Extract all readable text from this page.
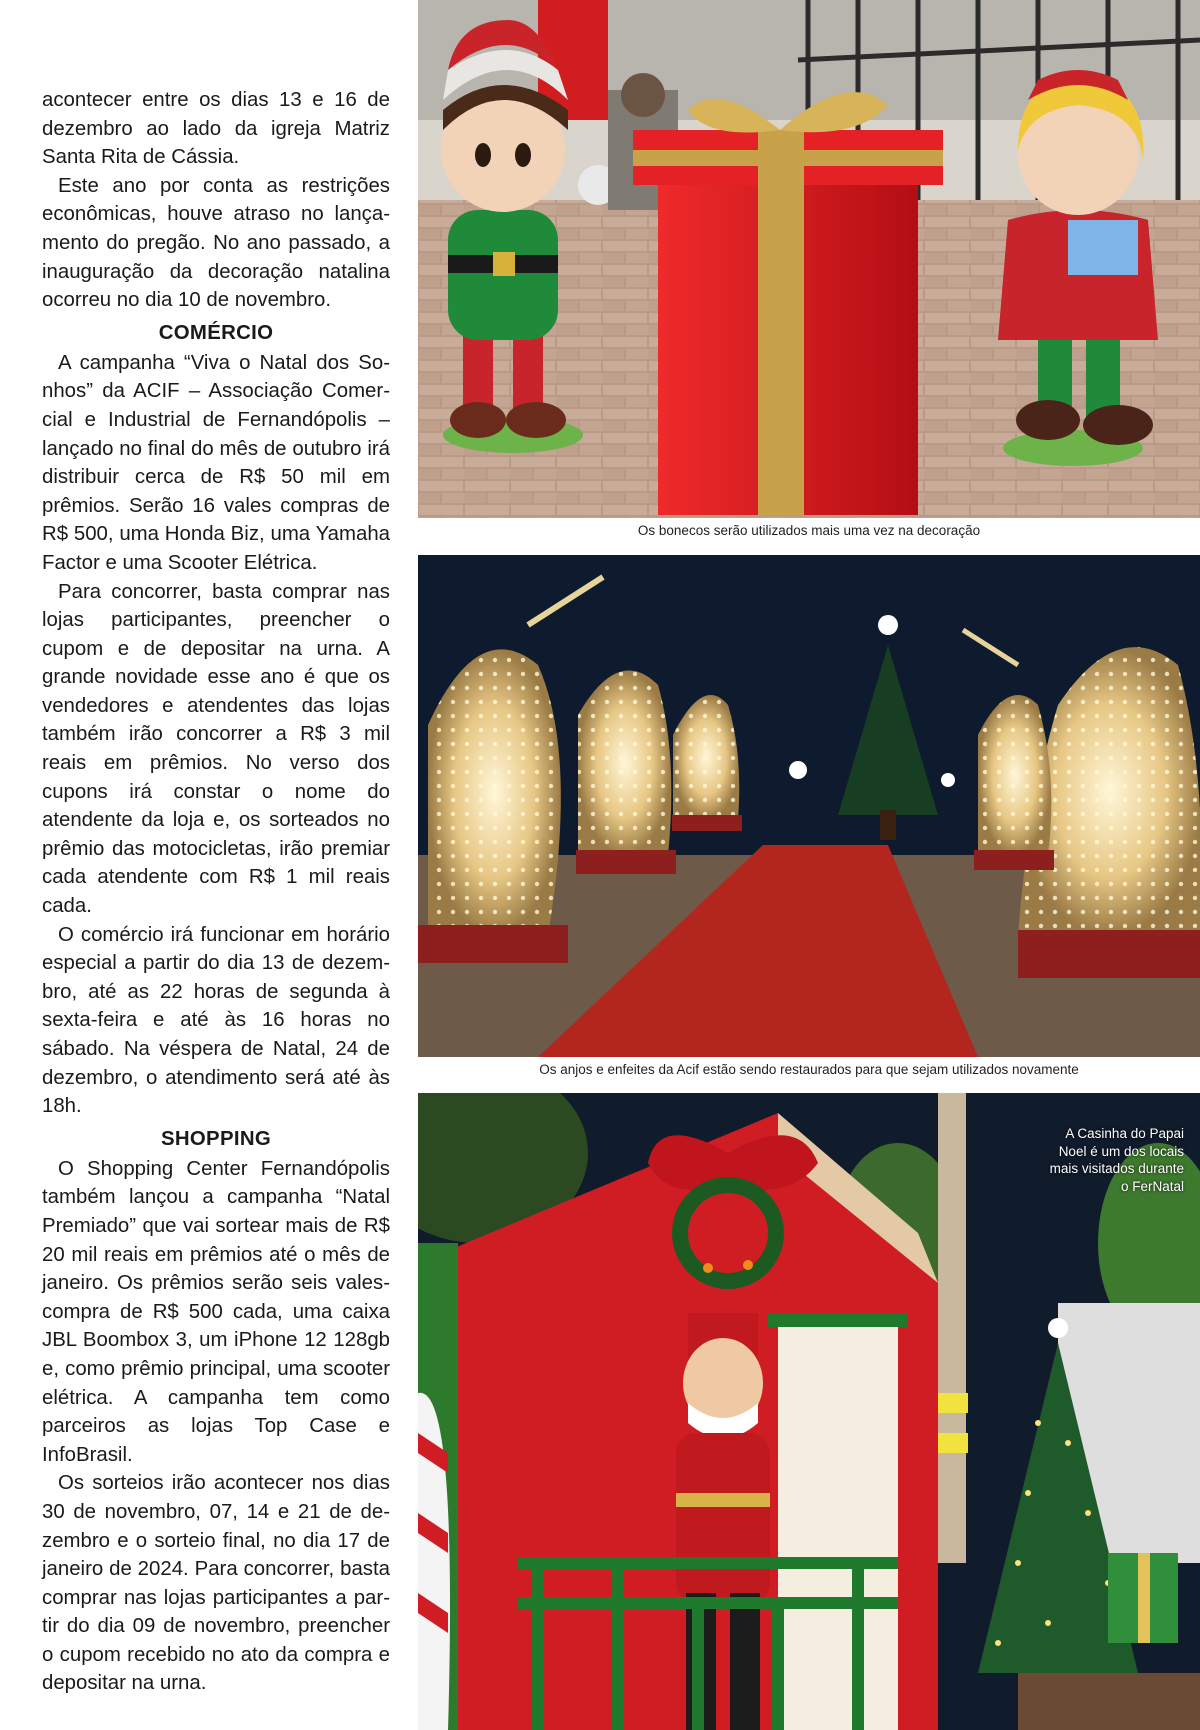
acontecer entre os dias 13 e 16 de dezembro ao lado da igreja Matriz Santa Rita de Cássia.

Este ano por conta as restrições econômicas, houve atraso no lançamento do pregão. No ano passado, a inauguração da decoração natalina ocorreu no dia 10 de novembro.

COMÉRCIO

A campanha “Viva o Natal dos Sonhos” da ACIF – Associação Comercial e Industrial de Fernandópolis – lançado no final do mês de outubro irá distribuir cerca de R$ 50 mil em prêmios. Serão 16 vales compras de R$ 500, uma Honda Biz, uma Yamaha Factor e uma Scooter Elétrica.

Para concorrer, basta comprar nas lojas participantes, preencher o cupom e de depositar na urna. A grande novidade esse ano é que os vendedores e atendentes das lojas também irão concorrer a R$ 3 mil reais em prêmios. No verso dos cupons irá constar o nome do atendente da loja e, os sorteados no prêmio das motocicletas, irão premiar cada atendente com R$ 1 mil reais cada.

O comércio irá funcionar em horário especial a partir do dia 13 de dezembro, até as 22 horas de segunda à sexta-feira e até às 16 horas no sábado. Na véspera de Natal, 24 de dezembro, o atendimento será até às 18h.

SHOPPING

O Shopping Center Fernandópolis também lançou a campanha “Natal Premiado” que vai sortear mais de R$ 20 mil reais em prêmios até o mês de janeiro. Os prêmios serão seis vales-compra de R$ 500 cada, uma caixa JBL Boombox 3, um iPhone 12 128gb e, como prêmio principal, uma scooter elétrica. A campanha tem como parceiros as lojas Top Case e InfoBrasil.

Os sorteios irão acontecer nos dias 30 de novembro, 07, 14 e 21 de dezembro e o sorteio final, no dia 17 de janeiro de 2024. Para concorrer, basta comprar nas lojas participantes a partir do dia 09 de novembro, preencher o cupom recebido no ato da compra e depositar na urna.

Os bonecos serão utilizados mais uma vez na decoração
Os anjos e enfeites da Acif estão sendo restaurados para que sejam utilizados novamente
A Casinha do Papai Noel é um dos locais mais visitados durante o FerNatal
